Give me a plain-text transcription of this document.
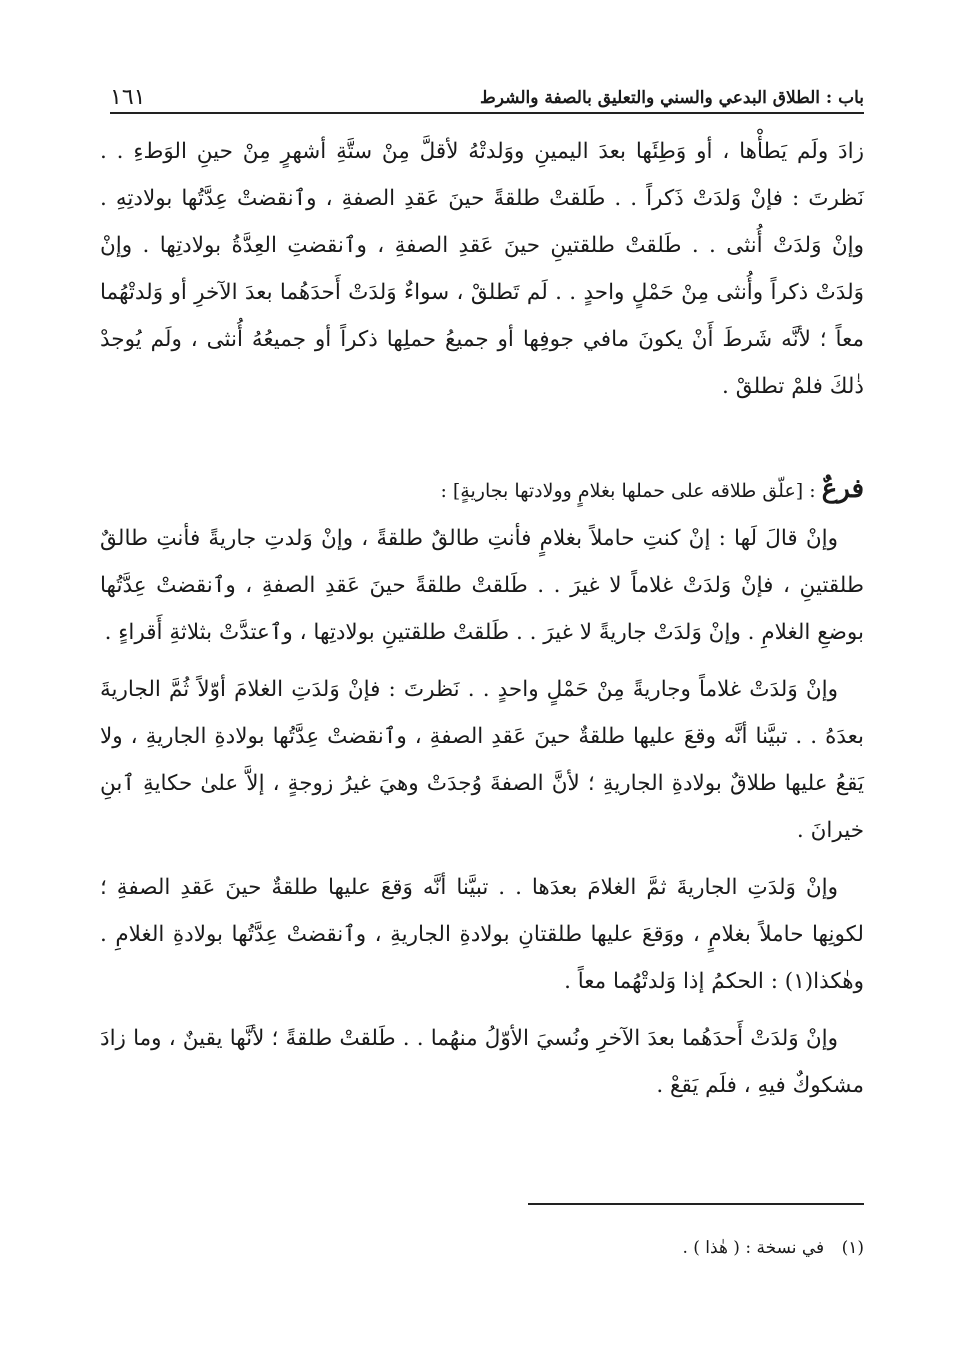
باب : الطلاق البدعي والسني والتعليق بالصفة والشرط
١٦١

زادَ ولَم يَطأْها ، أو وَطِئَها بعدَ اليمينِ ووَلدتْهُ لأقلَّ مِنْ ستَّةِ أشهرٍ مِنْ حينِ الوَطءِ . . نَظرتَ : فإنْ وَلدَتْ ذَكراً . . طَلقتْ طلقةً حينَ عَقدِ الصفةِ ، وٱنقضتْ عِدَّتُها بولادتِهِ . وإنْ وَلدَتْ أُنثى . . طَلقتْ طلقتينِ حينَ عَقدِ الصفةِ ، وٱنقضتِ العِدَّةُ بولادتِها . وإنْ وَلدَتْ ذكراً وأُنثى مِنْ حَمْلٍ واحدٍ . . لَم تَطلقْ ، سواءٌ وَلدَتْ أَحدَهُما بعدَ الآخرِ أو وَلدتْهُما معاً ؛ لأنَّه شَرطَ أَنْ يكونَ مافي جوفِها أو جميعُ حملِها ذكراً أو جميعُهُ أُنثى ، ولَم يُوجدْ ذٰلكَ فلمْ تطلقْ .

فرعٌ : [علّق طلاقه على حملها بغلامٍ وولادتها بجاريةٍ] :

وإنْ قالَ لَها : إنْ كنتِ حاملاً بغلامٍ فأنتِ طالقٌ طلقةً ، وإنْ وَلدتِ جاريةً فأنتِ طالقٌ طلقتينِ ، فإنْ وَلدَتْ غلاماً لا غيرَ . . طَلقتْ طلقةً حينَ عَقدِ الصفةِ ، وٱنقضتْ عِدَّتُها بوضعِ الغلامِ . وإنْ وَلدَتْ جاريةً لا غيرَ . . طَلقتْ طلقتينِ بولادتِها ، وٱعتدَّتْ بثلاثةِ أَقراءٍ .

وإنْ وَلدَتْ غلاماً وجاريةً مِنْ حَمْلٍ واحدٍ . . نَظرتَ : فإنْ وَلدَتِ الغلامَ أوّلاً ثُمَّ الجاريةَ بعدَهُ . . تبيَّنا أنَّه وقعَ عليها طلقةٌ حينَ عَقدِ الصفةِ ، وٱنقضتْ عِدَّتُها بولادةِ الجاريةِ ، ولا يَقعُ عليها طلاقٌ بولادةِ الجاريةِ ؛ لأنَّ الصفةَ وُجدَتْ وهيَ غيرُ زوجةٍ ، إلاَّ علىٰ حكايةِ ٱبنِ خيرانَ .

وإنْ وَلدَتِ الجاريةَ ثمَّ الغلامَ بعدَها . . تبيَّنا أنَّه وَقعَ عليها طلقةٌ حينَ عَقدِ الصفةِ ؛ لكونِها حاملاً بغلامٍ ، ووَقعَ عليها طلقتانِ بولادةِ الجاريةِ ، وٱنقضتْ عِدَّتُها بولادةِ الغلامِ . وهٰكذا(١) : الحكمُ إذا وَلدتْهُما معاً .

وإنْ وَلدَتْ أَحدَهُما بعدَ الآخرِ ونُسيَ الأوّلُ منهُما . . طَلقتْ طلقةً ؛ لأنَّها يقينٌ ، وما زادَ مشكوكٌ فيهِ ، فلَم يَقعْ .

(١) في نسخة : ( هٰذا ) .
